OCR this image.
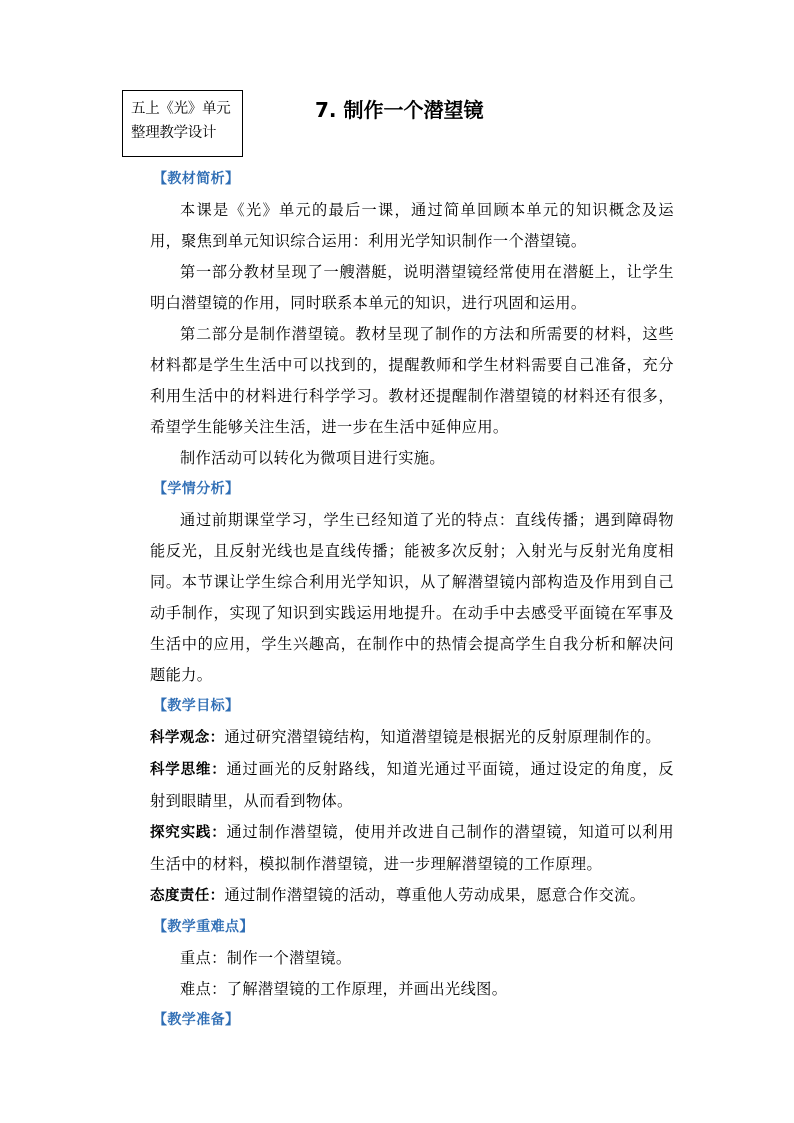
五上《光》单元
整理教学设计
7. 制作一个潜望镜

【教材简析】

本课是《光》单元的最后一课，通过简单回顾本单元的知识概念及运用，聚焦到单元知识综合运用：利用光学知识制作一个潜望镜。

第一部分教材呈现了一艘潜艇，说明潜望镜经常使用在潜艇上，让学生明白潜望镜的作用，同时联系本单元的知识，进行巩固和运用。

第二部分是制作潜望镜。教材呈现了制作的方法和所需要的材料，这些材料都是学生生活中可以找到的，提醒教师和学生材料需要自己准备，充分利用生活中的材料进行科学学习。教材还提醒制作潜望镜的材料还有很多，希望学生能够关注生活，进一步在生活中延伸应用。

制作活动可以转化为微项目进行实施。

【学情分析】

通过前期课堂学习，学生已经知道了光的特点：直线传播；遇到障碍物能反光，且反射光线也是直线传播；能被多次反射；入射光与反射光角度相同。本节课让学生综合利用光学知识，从了解潜望镜内部构造及作用到自己动手制作，实现了知识到实践运用地提升。在动手中去感受平面镜在军事及生活中的应用，学生兴趣高，在制作中的热情会提高学生自我分析和解决问题能力。

【教学目标】

科学观念：通过研究潜望镜结构，知道潜望镜是根据光的反射原理制作的。

科学思维：通过画光的反射路线，知道光通过平面镜，通过设定的角度，反射到眼睛里，从而看到物体。

探究实践：通过制作潜望镜，使用并改进自己制作的潜望镜，知道可以利用生活中的材料，模拟制作潜望镜，进一步理解潜望镜的工作原理。

态度责任：通过制作潜望镜的活动，尊重他人劳动成果，愿意合作交流。

【教学重难点】

重点：制作一个潜望镜。

难点：了解潜望镜的工作原理，并画出光线图。

【教学准备】
